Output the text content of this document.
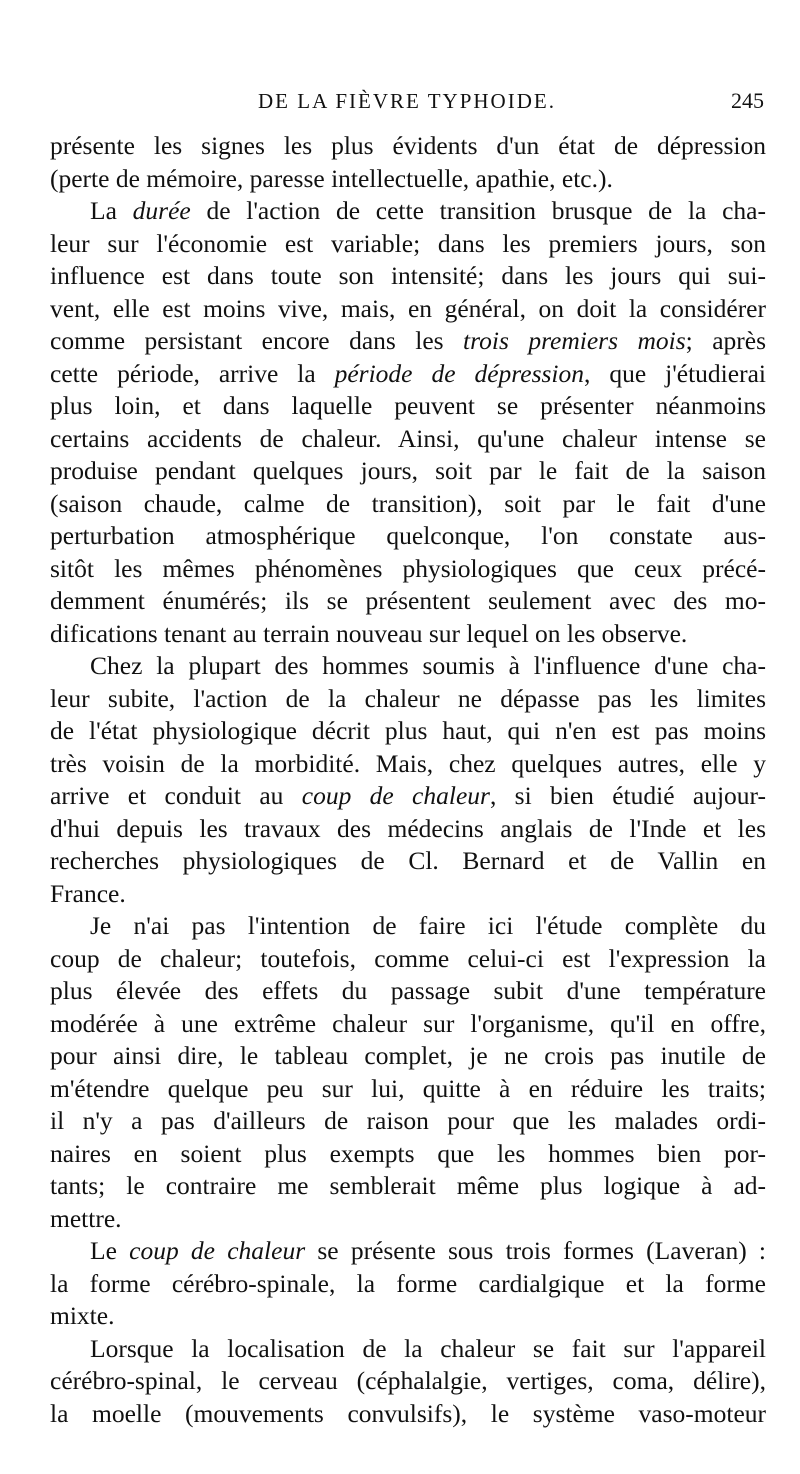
DE LA FIÈVRE TYPHOIDE.	245
présente les signes les plus évidents d'un état de dépression
(perte de mémoire, paresse intellectuelle, apathie, etc.).
La durée de l'action de cette transition brusque de la cha-
leur sur l'économie est variable; dans les premiers jours, son
influence est dans toute son intensité; dans les jours qui sui-
vent, elle est moins vive, mais, en général, on doit la considérer
comme persistant encore dans les trois premiers mois; après
cette période, arrive la période de dépression, que j'étudierai
plus loin, et dans laquelle peuvent se présenter néanmoins
certains accidents de chaleur. Ainsi, qu'une chaleur intense se
produise pendant quelques jours, soit par le fait de la saison
(saison chaude, calme de transition), soit par le fait d'une
perturbation atmosphérique quelconque, l'on constate aus-
sitôt les mêmes phénomènes physiologiques que ceux précé-
demment énumérés; ils se présentent seulement avec des mo-
difications tenant au terrain nouveau sur lequel on les observe.
Chez la plupart des hommes soumis à l'influence d'une cha-
leur subite, l'action de la chaleur ne dépasse pas les limites
de l'état physiologique décrit plus haut, qui n'en est pas moins
très voisin de la morbidité. Mais, chez quelques autres, elle y
arrive et conduit au coup de chaleur, si bien étudié aujour-
d'hui depuis les travaux des médecins anglais de l'Inde et les
recherches physiologiques de Cl. Bernard et de Vallin en
France.
Je n'ai pas l'intention de faire ici l'étude complète du
coup de chaleur; toutefois, comme celui-ci est l'expression la
plus élevée des effets du passage subit d'une température
modérée à une extrême chaleur sur l'organisme, qu'il en offre,
pour ainsi dire, le tableau complet, je ne crois pas inutile de
m'étendre quelque peu sur lui, quitte à en réduire les traits;
il n'y a pas d'ailleurs de raison pour que les malades ordi-
naires en soient plus exempts que les hommes bien por-
tants; le contraire me semblerait même plus logique à ad-
mettre.
Le coup de chaleur se présente sous trois formes (Laveran) :
la forme cérébro-spinale, la forme cardialgique et la forme
mixte.
Lorsque la localisation de la chaleur se fait sur l'appareil
cérébro-spinal, le cerveau (céphalalgie, vertiges, coma, délire),
la moelle (mouvements convulsifs), le système vaso-moteur
